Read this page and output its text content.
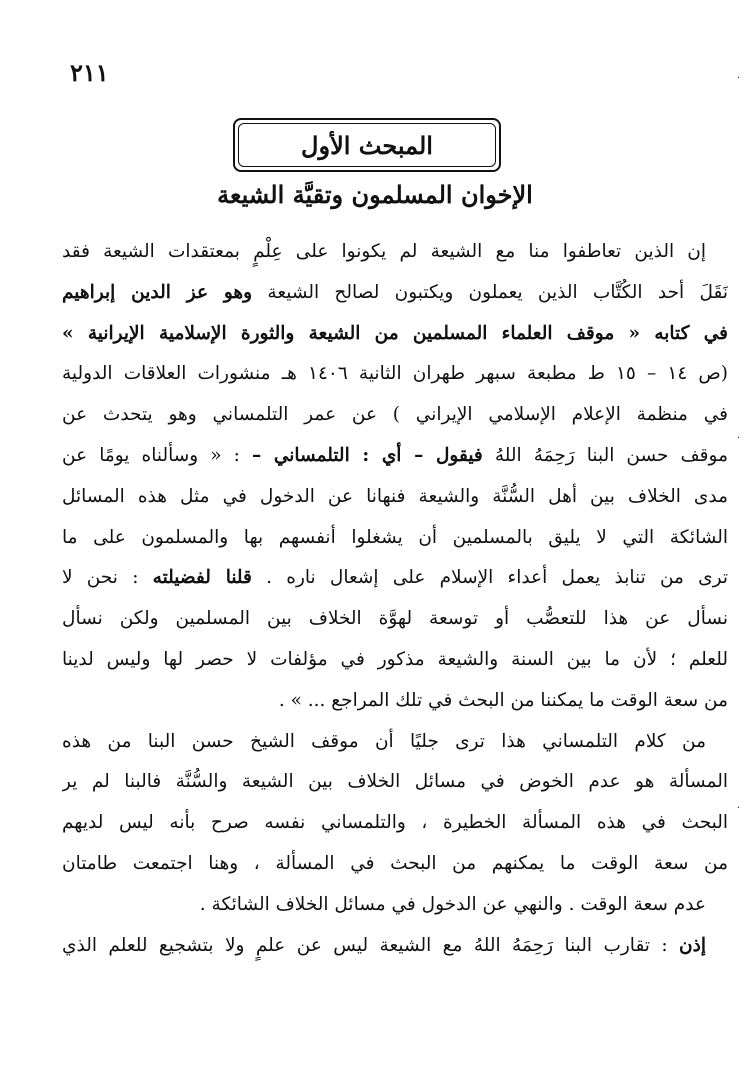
٢١١
المبحث الأول
الإخوان المسلمون وتقيَّة الشيعة
إن الذين تعاطفوا منا مع الشيعة لم يكونوا على عِلْمٍ بمعتقدات الشيعة فقد
نَقَلَ أحد الكُتَّاب الذين يعملون ويكتبون لصالح الشيعة وهو عز الدين إبراهيم
في كتابه « موقف العلماء المسلمين من الشيعة والثورة الإسلامية الإيرانية »
(ص ١٤ – ١٥ ط مطبعة سبهر طهران الثانية ١٤٠٦ هـ منشورات العلاقات الدولية
في منظمة الإعلام الإسلامي الإيراني ) عن عمر التلمساني وهو يتحدث عن
موقف حسن البنا رَحِمَهُ اللهُ فيقول – أي : التلمساني – : « وسألناه يومًا عن
مدى الخلاف بين أهل السُّنَّة والشيعة فنهانا عن الدخول في مثل هذه المسائل
الشائكة التي لا يليق بالمسلمين أن يشغلوا أنفسهم بها والمسلمون على ما
ترى من تنابذ يعمل أعداء الإسلام على إشعال ناره . قلنا لفضيلته : نحن لا
نسأل عن هذا للتعصُّب أو توسعة لهوَّة الخلاف بين المسلمين ولكن نسأل
للعلم ؛ لأن ما بين السنة والشيعة مذكور في مؤلفات لا حصر لها وليس لدينا
من سعة الوقت ما يمكننا من البحث في تلك المراجع ... » .
من كلام التلمساني هذا ترى جليًا أن موقف الشيخ حسن البنا من هذه
المسألة هو عدم الخوض في مسائل الخلاف بين الشيعة والسُّنَّة فالبنا لم ير
البحث في هذه المسألة الخطيرة ، والتلمساني نفسه صرح بأنه ليس لديهم
من سعة الوقت ما يمكنهم من البحث في المسألة ، وهنا اجتمعت طامتان
عدم سعة الوقت . والنهي عن الدخول في مسائل الخلاف الشائكة .
إذن : تقارب البنا رَحِمَهُ اللهُ مع الشيعة ليس عن علمٍ ولا بتشجيع للعلم الذي
.
.
.
